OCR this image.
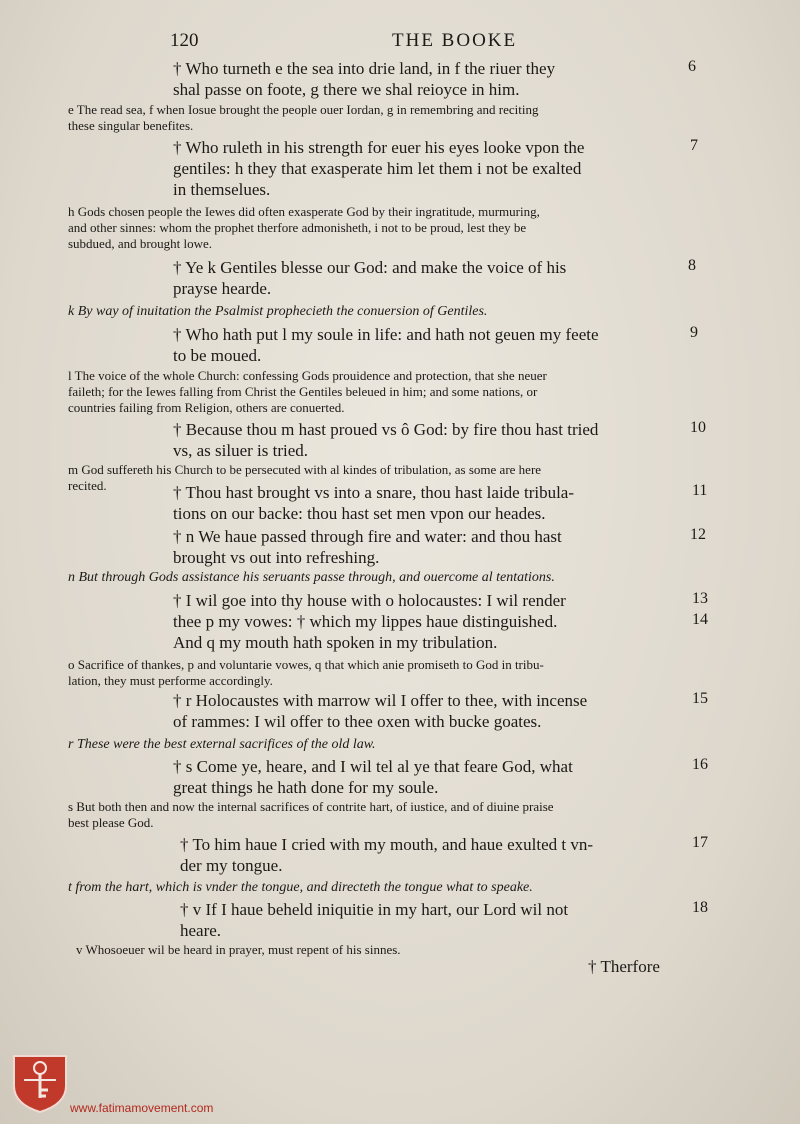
120	THE BOOKE
† Who turneth e the sea into drie land, in f the riuer they
shal passe on foote, g there we shal reioyce in him.
e The read sea, f when Iosue brought the people ouer Iordan, g in remembring and reciting
these singular benefites.
† Who ruleth in his strength for euer his eyes looke vpon the
gentiles: h they that exasperate him let them i not be exalted
in themselues.
h Gods chosen people the Iewes did often exasperate God by their ingratitude, murmuring,
and other sinnes: whom the prophet therfore admonisheth, i not to be proud, lest they be
subdued, and brought lowe.
† Ye k Gentiles blesse our God: and make the voice of his
prayse hearde.
k By way of inuitation the Psalmist prophecieth the conuersion of Gentiles.
† Who hath put l my soule in life: and hath not geuen my feete
to be moued.
l The voice of the whole Church: confessing Gods prouidence and protection, that she neuer
faileth; for the Iewes falling from Christ the Gentiles beleued in him; and some nations, or
countries failing from Religion, others are conuerted.
† Because thou m hast proued vs ô God: by fire thou hast tried
vs, as siluer is tried.
m God suffereth his Church to be persecuted with al kindes of tribulation, as some are here
recited.	† Thou hast brought vs into a snare, thou hast laide tribula-
tions on our backe: thou hast set men vpon our heades.
† n We haue passed through fire and water: and thou hast
brought vs out into refreshing.
n But through Gods assistance his seruants passe through, and ouercome al tentations.
† I wil goe into thy house with o holocaustes: I wil render
thee p my vowes: † which my lippes haue distinguished.
And q my mouth hath spoken in my tribulation.
o Sacrifice of thankes, p and voluntarie vowes, q that which anie promiseth to God in tribu-
lation, they must performe accordingly.
† r Holocaustes with marrow wil I offer to thee, with incense
of rammes: I wil offer to thee oxen with bucke goates.
r These were the best external sacrifices of the old law.
† s Come ye, heare, and I wil tel al ye that feare God, what
great things he hath done for my soule.
s But both then and now the internal sacrifices of contrite hart, of iustice, and of diuine praise
best please God.
† To him haue I cried with my mouth, and haue exulted t vn-
der my tongue.
t from the hart, which is vnder the tongue, and directeth the tongue what to speake.
† v If I haue beheld iniquitie in my hart, our Lord wil not
heare.
v Whosoeuer wil be heard in prayer, must repent of his sinnes.
6
7
8
9
10
11
12
13
14
15
16
17
18
† Therfore
www.fatimamovement.com
